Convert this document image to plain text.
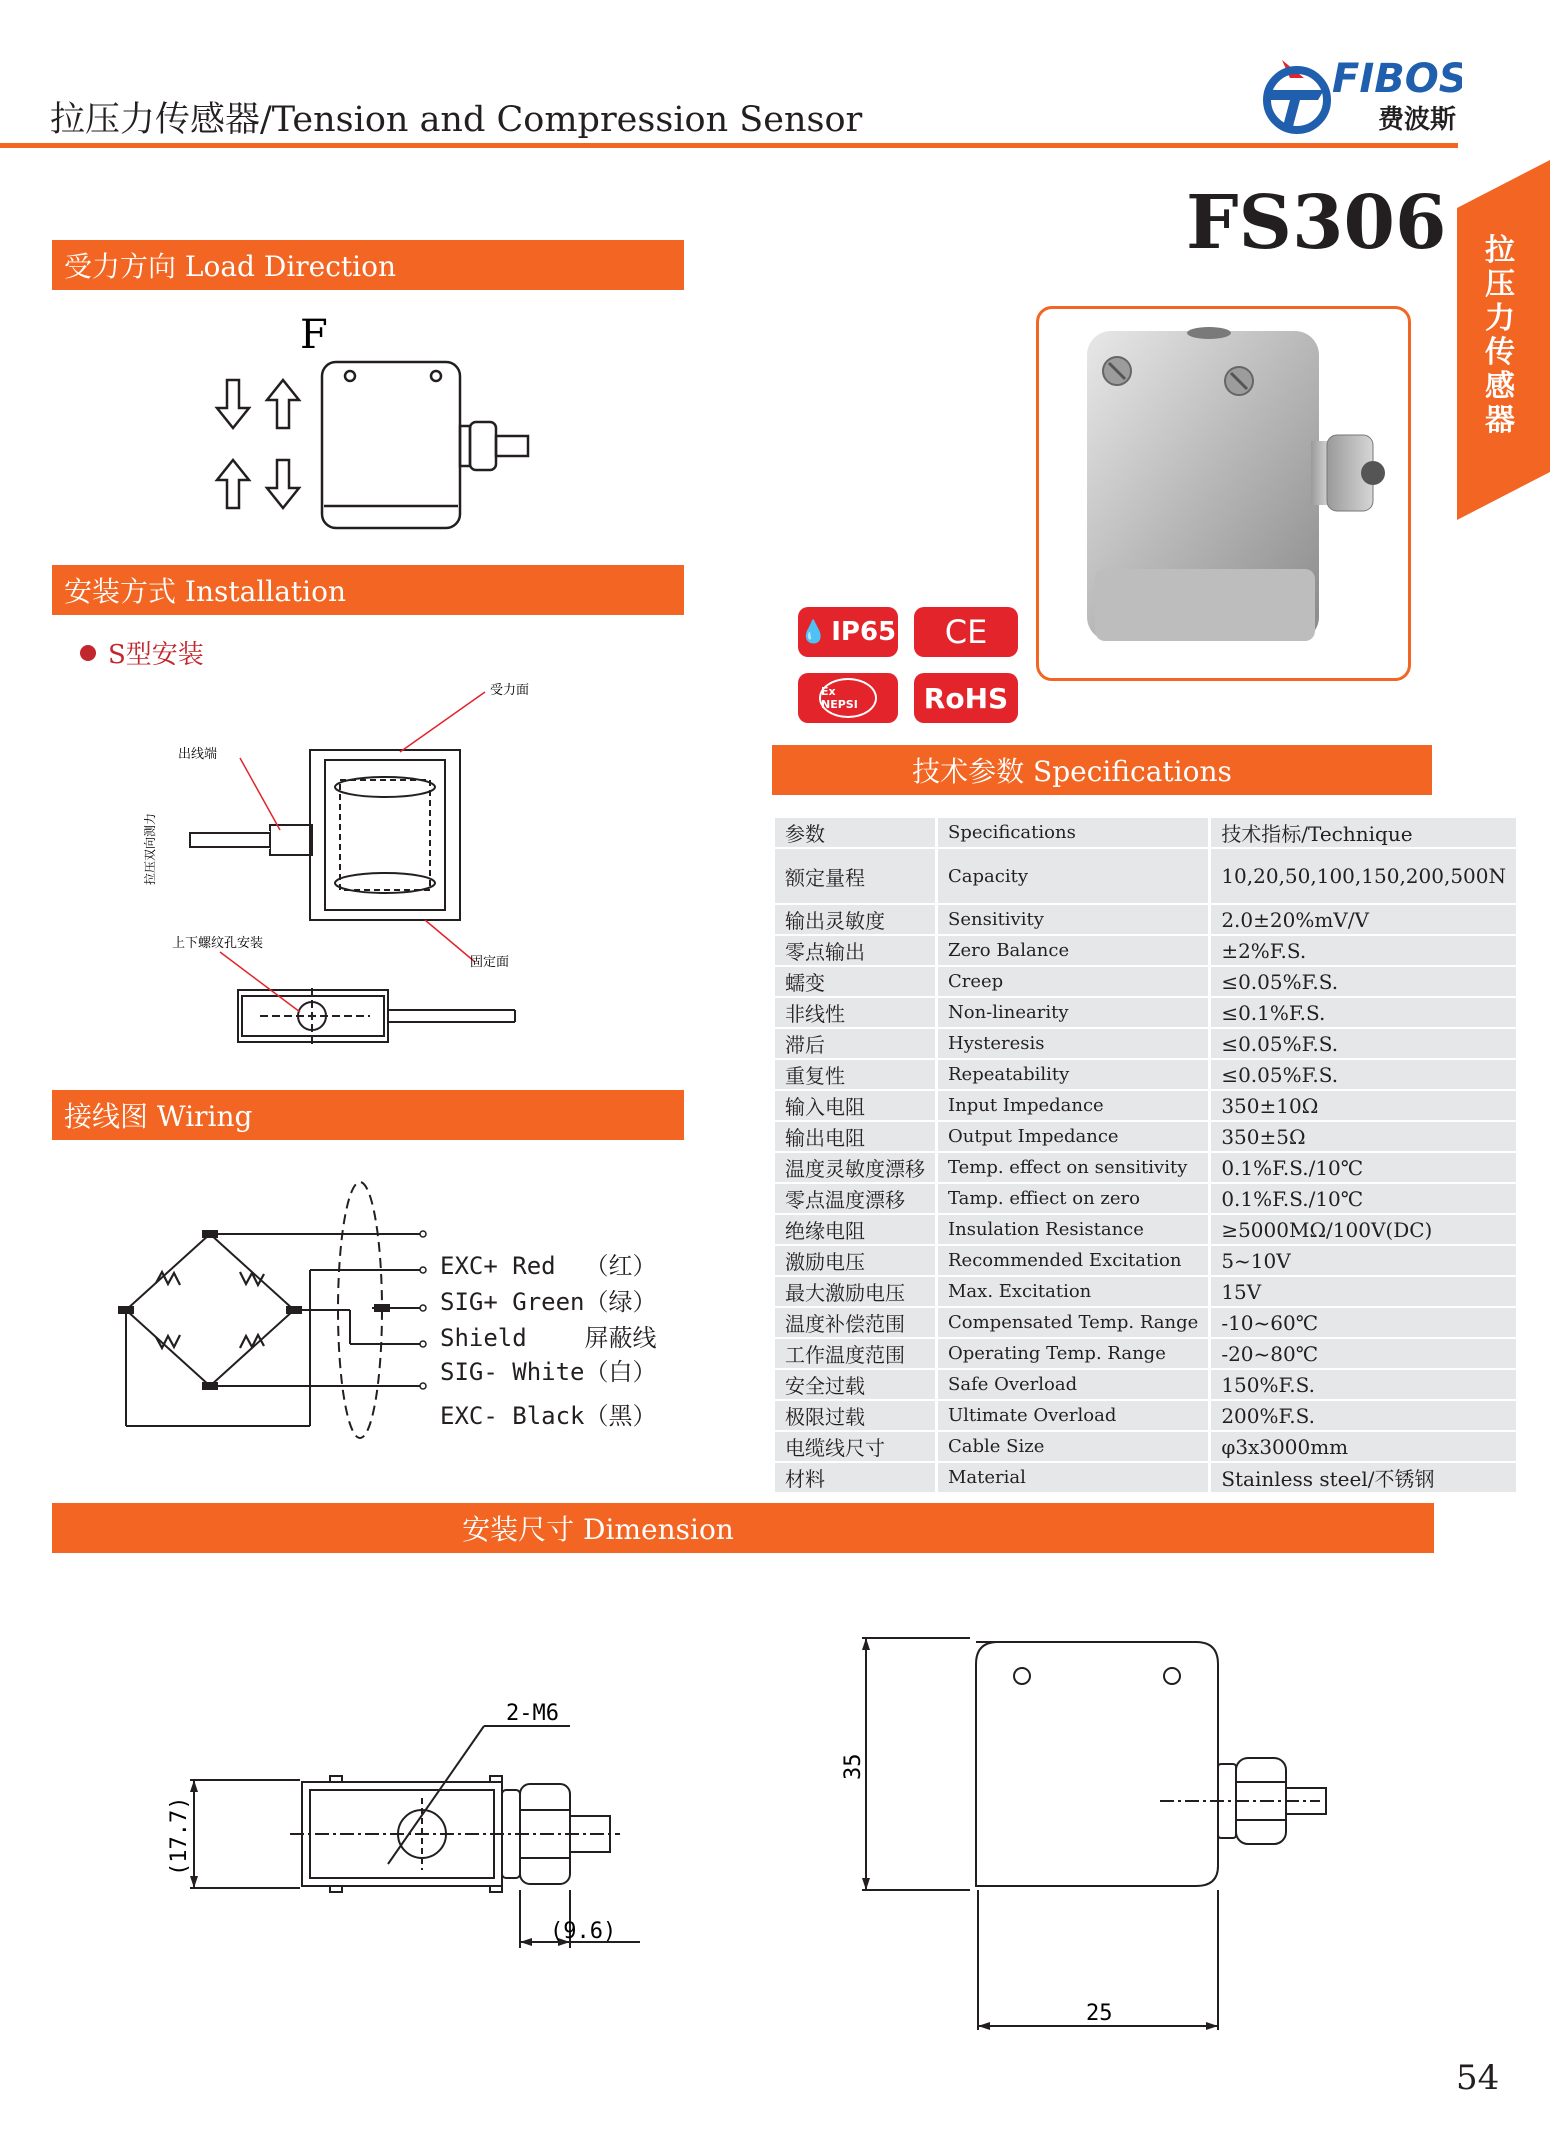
拉压力传感器/Tension and Compression Sensor
FIBOS
费波斯
FS306 拉压力传感器
受力方向 Load Direction
安装方式 Installation
接线图 Wiring
技术参数 Specifications
安装尺寸 Dimension
F
S型安装
受力面
出线端
拉压双向测力
上下螺纹孔安装
固定面
EXC+ Red （红）
SIG+ Green（绿）
Shield 屏蔽线
SIG- White（白）
EXC- Black（黑）
💧 IP65	CE
Ex NEPSI	RoHS
参数	Specifications	技术指标/Technique
额定量程	Capacity	10,20,50,100,150,200,500N

输出灵敏度	Sensitivity	2.0±20%mV/V
零点输出	Zero Balance	±2%F.S.
蠕变	Creep	≤0.05%F.S.
非线性	Non-linearity	≤0.1%F.S.
滞后	Hysteresis	≤0.05%F.S.
重复性	Repeatability	≤0.05%F.S.
输入电阻	Input Impedance	350±10Ω
输出电阻	Output Impedance	350±5Ω
温度灵敏度漂移	Temp. effect on sensitivity	0.1%F.S./10℃
零点温度漂移	Tamp. effiect on zero	0.1%F.S./10℃
绝缘电阻	Insulation Resistance	≥5000MΩ/100V(DC)
激励电压	Recommended Excitation	5~10V
最大激励电压	Max. Excitation	15V
温度补偿范围	Compensated Temp. Range	-10~60℃
工作温度范围	Operating Temp. Range	-20~80℃
安全过载	Safe Overload	150%F.S.
极限过载	Ultimate Overload	200%F.S.
电缆线尺寸	Cable Size	φ3x3000mm
材料	Material	Stainless steel/不锈钢
2-M6
(17.7)
(9.6)
35
25
54
